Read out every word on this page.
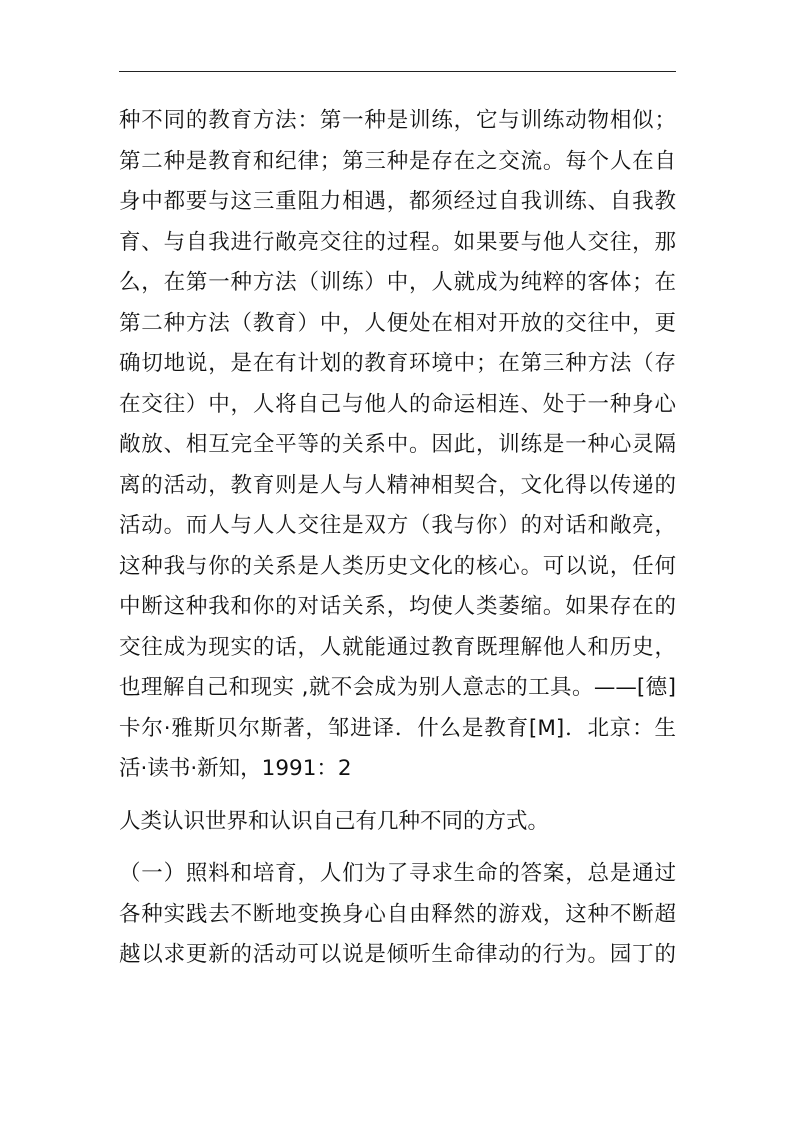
种不同的教育方法：第一种是训练，它与训练动物相似；
第二种是教育和纪律；第三种是存在之交流。每个人在自
身中都要与这三重阻力相遇，都须经过自我训练、自我教
育、与自我进行敞亮交往的过程。如果要与他人交往，那
么，在第一种方法（训练）中，人就成为纯粹的客体；在
第二种方法（教育）中，人便处在相对开放的交往中，更
确切地说，是在有计划的教育环境中；在第三种方法（存
在交往）中，人将自己与他人的命运相连、处于一种身心
敞放、相互完全平等的关系中。因此，训练是一种心灵隔
离的活动，教育则是人与人精神相契合，文化得以传递的
活动。而人与人人交往是双方（我与你）的对话和敞亮，
这种我与你的关系是人类历史文化的核心。可以说，任何
中断这种我和你的对话关系，均使人类萎缩。如果存在的
交往成为现实的话，人就能通过教育既理解他人和历史，
也理解自己和现实 ,就不会成为别人意志的工具。——[德]
卡尔·雅斯贝尔斯著，邹进译．什么是教育[M]．北京：生
活·读书·新知，1991：2

人类认识世界和认识自己有几种不同的方式。

（一）照料和培育，人们为了寻求生命的答案，总是通过
各种实践去不断地变换身心自由释然的游戏，这种不断超
越以求更新的活动可以说是倾听生命律动的行为。园丁的
